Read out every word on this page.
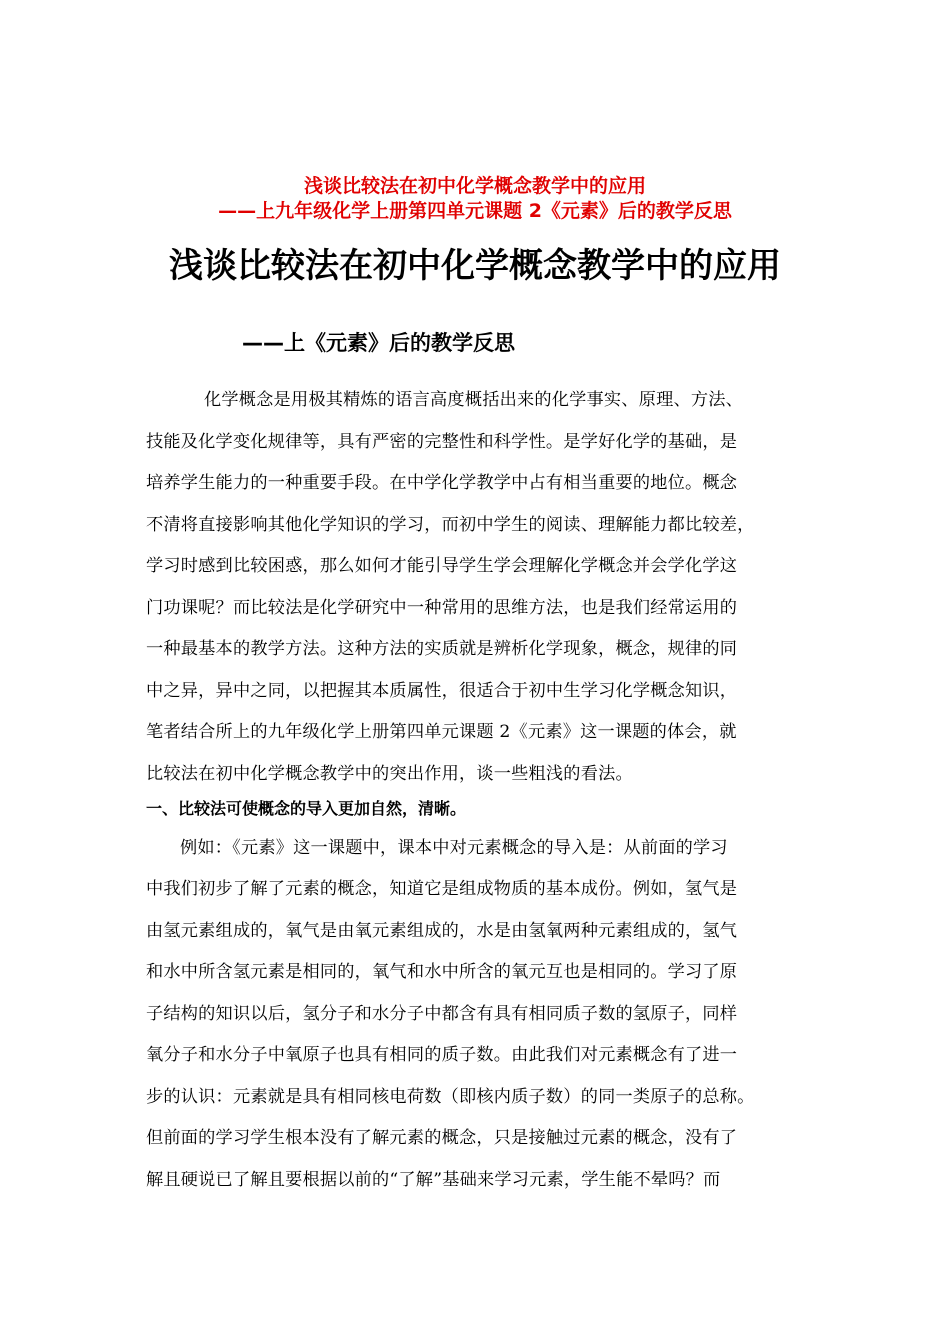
浅谈比较法在初中化学概念教学中的应用
——上九年级化学上册第四单元课题 2《元素》后的教学反思
浅谈比较法在初中化学概念教学中的应用
——上《元素》后的教学反思
化学概念是用极其精炼的语言高度概括出来的化学事实、原理、方法、
技能及化学变化规律等，具有严密的完整性和科学性。是学好化学的基础，是
培养学生能力的一种重要手段。在中学化学教学中占有相当重要的地位。概念
不清将直接影响其他化学知识的学习，而初中学生的阅读、理解能力都比较差，
学习时感到比较困惑，那么如何才能引导学生学会理解化学概念并会学化学这
门功课呢？而比较法是化学研究中一种常用的思维方法，也是我们经常运用的
一种最基本的教学方法。这种方法的实质就是辨析化学现象，概念，规律的同
中之异，异中之同，以把握其本质属性，很适合于初中生学习化学概念知识，
笔者结合所上的九年级化学上册第四单元课题 2《元素》这一课题的体会，就
比较法在初中化学概念教学中的突出作用，谈一些粗浅的看法。
一、比较法可使概念的导入更加自然，清晰。
例如：《元素》这一课题中，课本中对元素概念的导入是：从前面的学习
中我们初步了解了元素的概念，知道它是组成物质的基本成份。例如，氢气是
由氢元素组成的，氧气是由氧元素组成的，水是由氢氧两种元素组成的，氢气
和水中所含氢元素是相同的，氧气和水中所含的氧元互也是相同的。学习了原
子结构的知识以后，氢分子和水分子中都含有具有相同质子数的氢原子，同样
氧分子和水分子中氧原子也具有相同的质子数。由此我们对元素概念有了进一
步的认识：元素就是具有相同核电荷数（即核内质子数）的同一类原子的总称。
但前面的学习学生根本没有了解元素的概念，只是接触过元素的概念，没有了
解且硬说已了解且要根据以前的“了解”基础来学习元素，学生能不晕吗？而
